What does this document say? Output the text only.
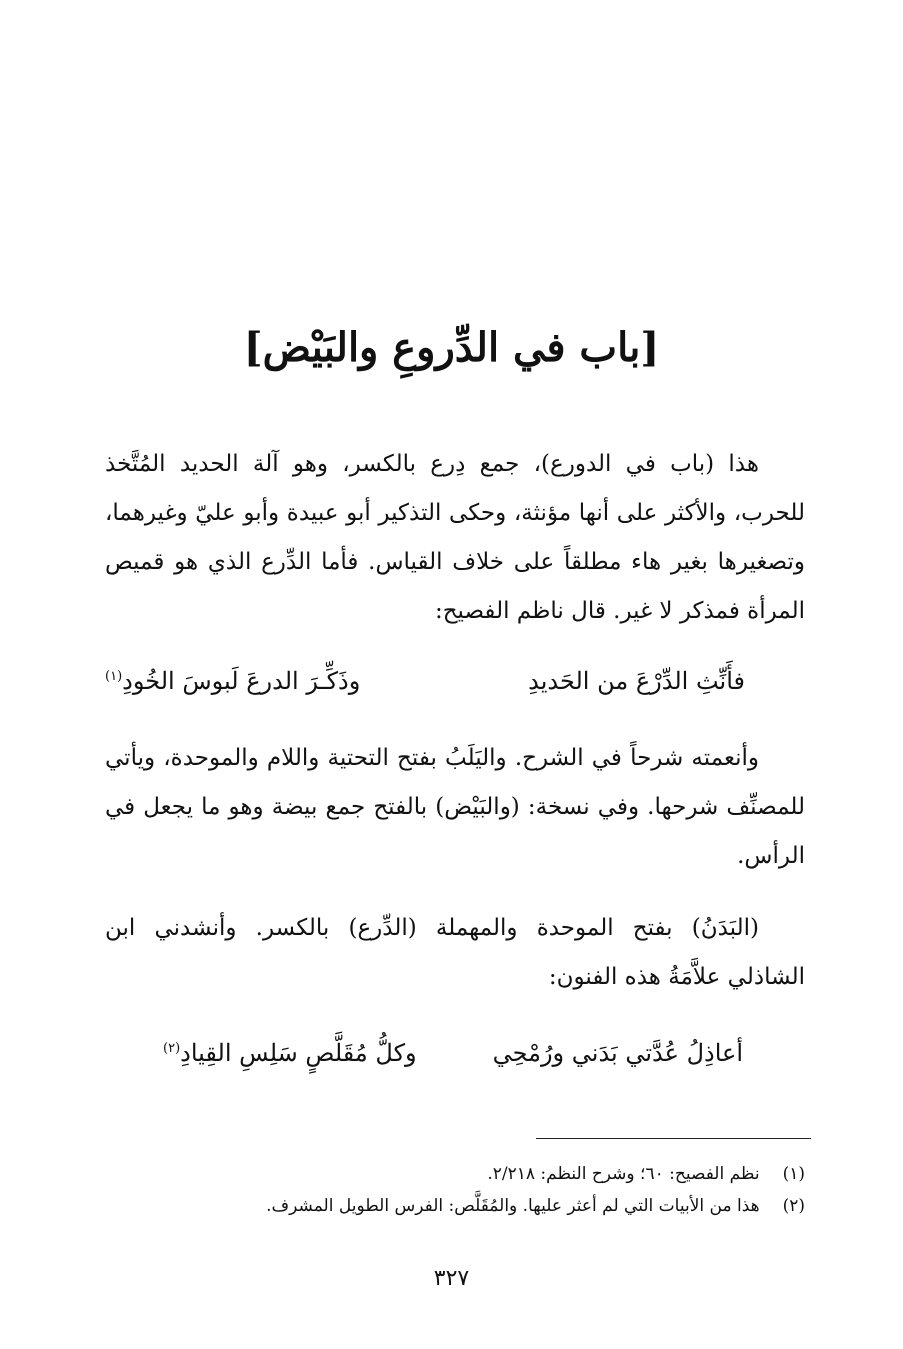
[باب في الدِّروعِ والبَيْض]
هذا (باب في الدورع)، جمع دِرع بالكسر، وهو آلة الحديد المُتَّخذ للحرب، والأكثر على أنها مؤنثة، وحكى التذكير أبو عبيدة وأبو عليّ وغيرهما، وتصغيرها بغير هاء مطلقاً على خلاف القياس. فأما الدِّرع الذي هو قميص المرأة فمذكر لا غير. قال ناظم الفصيح:
فأَنِّثِ الدِّرْعَ من الحَديدِ
وذَكِّـرَ الدرعَ لَبوسَ الخُودِ$^{(١)}$
وأنعمته شرحاً في الشرح. واليَلَبُ بفتح التحتية واللام والموحدة، ويأتي للمصنِّف شرحها. وفي نسخة: (والبَيْض) بالفتح جمع بيضة وهو ما يجعل في الرأس.
(البَدَنُ) بفتح الموحدة والمهملة (الدِّرع) بالكسر. وأنشدني ابن الشاذلي علاَّمَةُ هذه الفنون:
أعاذِلُ عُدَّتي بَدَني ورُمْحِي
وكلُّ مُقَلَّصٍ سَلِسِ القِيادِ$^{(٢)}$
(١) نظم الفصيح: ٦٠؛ وشرح النظم: ٢/٢١٨.
(٢) هذا من الأبيات التي لم أعثر عليها. والمُقَلَّص: الفرس الطويل المشرف.
٣٢٧
